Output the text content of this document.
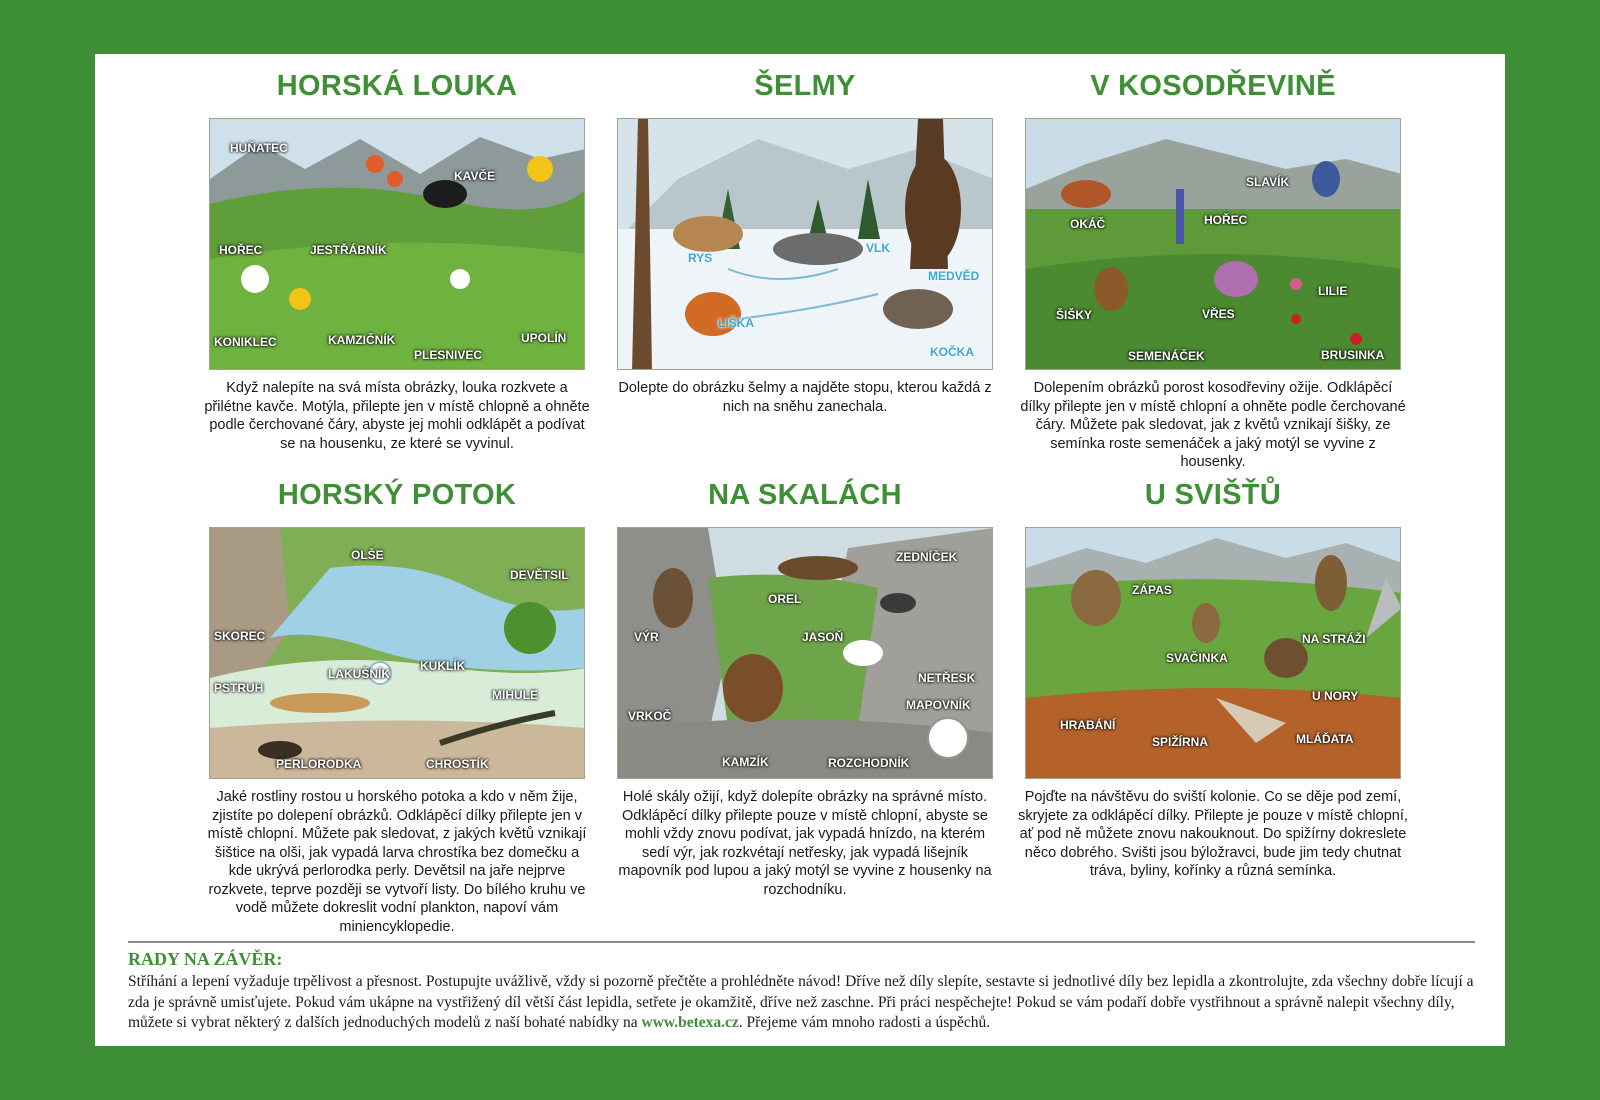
HORSKÁ LOUKA
HUŇATEC
KAVČE
HOŘEC	JESTŘÁBNÍK
KONIKLEC	KAMZIČNÍK
PLESNIVEC
UPOLÍN
Když nalepíte na svá místa obrázky, louka rozkvete a přilétne kavče. Motýla, přilepte jen v místě chlopně a ohněte podle čerchované čáry, abyste jej mohli odklápět a podívat se na housenku, ze které se vyvinul.
ŠELMY
RYS
VLK
MEDVĚD
LIŠKA
KOČKA
Dolepte do obrázku šelmy a najděte stopu, kterou každá z nich na sněhu zanechala.
V KOSODŘEVINĚ
SLAVÍK
OKÁČ	HOŘEC
LILIE
ŠIŠKY	VŘES
SEMENÁČEK	BRUSINKA
Dolepením obrázků porost kosodřeviny ožije. Odklápěcí dílky přilepte jen v místě chlopní a ohněte podle čerchované čáry. Můžete pak sledovat, jak z květů vznikají šišky, ze semínka roste semenáček a jaký motýl se vyvine z housenky.
HORSKÝ POTOK
OLŠE
DEVĚTSIL
SKOREC
KUKLÍK
LAKUŠNÍK
PSTRUH	MIHULE
PERLORODKA	CHROSTÍK
Jaké rostliny rostou u horského potoka a kdo v něm žije, zjistíte po dolepení obrázků. Odklápěcí dílky přilepte jen v místě chlopní. Můžete pak sledovat, z jakých květů vznikají šištice na olši, jak vypadá larva chrostíka bez domečku a kde ukrývá perlorodka perly. Devětsil na jaře nejprve rozkvete, teprve později se vytvoří listy. Do bílého kruhu ve vodě můžete dokreslit vodní plankton, napoví vám miniencyklopedie.
NA SKALÁCH
ZEDNÍČEK
OREL
VÝR	JASOŇ
NETŘESK
MAPOVNÍK
VRKOČ
KAMZÍK	ROZCHODNÍK
Holé skály ožijí, když dolepíte obrázky na správné místo. Odklápěcí dílky přilepte pouze v místě chlopní, abyste se mohli vždy znovu podívat, jak vypadá hnízdo, na kterém sedí výr, jak rozkvétají netřesky, jak vypadá lišejník mapovník pod lupou a jaký motýl se vyvine z housenky na rozchodníku.
U SVIŠŤŮ
ZÁPAS
NA STRÁŽI
SVAČINKA
U NORY
HRABÁNÍ
SPIŽÍRNA	MLÁĎATA
Pojďte na návštěvu do sviští kolonie. Co se děje pod zemí, skryjete za odklápěcí dílky. Přilepte je pouze v místě chlopní, ať pod ně můžete znovu nakouknout. Do spižírny dokreslete něco dobrého. Svišti jsou býložravci, bude jim tedy chutnat tráva, byliny, kořínky a různá semínka.
RADY NA ZÁVĚR:
Stříhání a lepení vyžaduje trpělivost a přesnost. Postupujte uvážlivě, vždy si pozorně přečtěte a prohlédněte návod! Dříve než díly slepíte, sestavte si jednotlivé díly bez lepidla a zkontrolujte, zda všechny dobře lícují a zda je správně umisťujete. Pokud vám ukápne na vystřižený díl větší část lepidla, setřete je okamžitě, dříve než zaschne. Při práci nespěchejte! Pokud se vám podaří dobře vystřihnout a správně nalepit všechny díly, můžete si vybrat některý z dalších jednoduchých modelů z naší bohaté nabídky na www.betexa.cz. Přejeme vám mnoho radosti a úspěchů.
